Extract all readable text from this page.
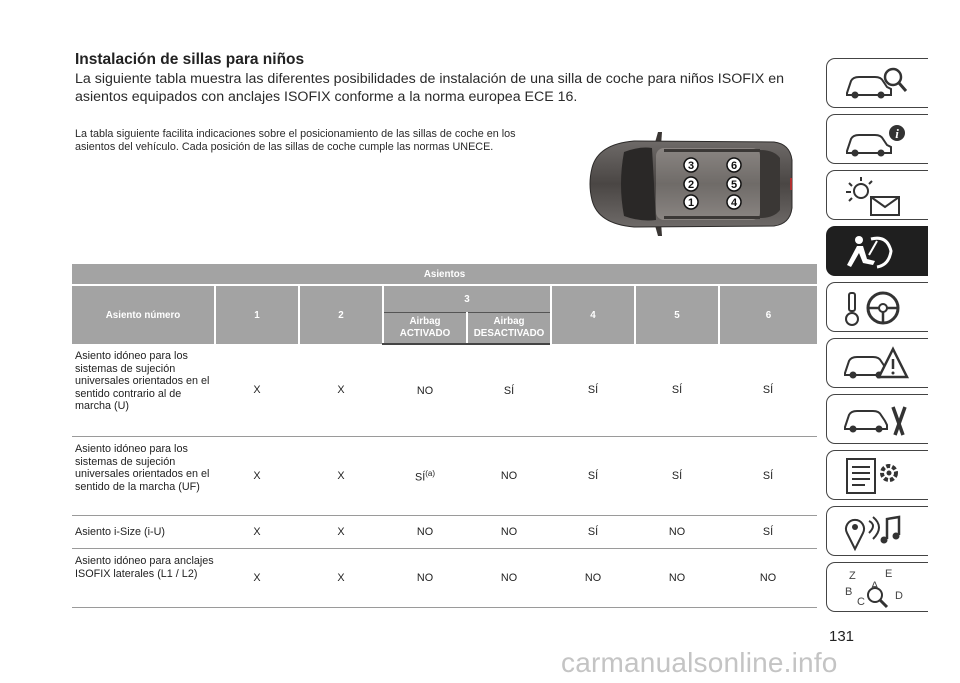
Instalación de sillas para niños
La siguiente tabla muestra las diferentes posibilidades de instalación de una silla de coche para niños ISOFIX en asientos equipados con anclajes ISOFIX conforme a la norma europea ECE 16.
La tabla siguiente facilita indicaciones sobre el posicionamiento de las sillas de coche en los asientos del vehículo. Cada posición de las sillas de coche cumple las normas UNECE.
3	6
2	5
1	4
Asientos							
Asiento número	1	2	3		4	5	6
			Airbag ACTIVADO	Airbag DESACTIVADO			
Asiento idóneo para los sistemas de sujeción universales orientados en el sentido contrario al de marcha (U)	X	X	NO	SÍ	SÍ	SÍ	SÍ
Asiento idóneo para los sistemas de sujeción universales orientados en el sentido de la marcha (UF)	X	X	SÍ$^{(a)}$	NO	SÍ	SÍ	SÍ
Asiento i-Size (i-U)	X	X	NO	NO	SÍ	NO	SÍ
Asiento idóneo para anclajes ISOFIX laterales (L1 / L2)	X	X	NO	NO	NO	NO	NO
i
Z	E
B A
C	D
131
carmanualsonline.info
